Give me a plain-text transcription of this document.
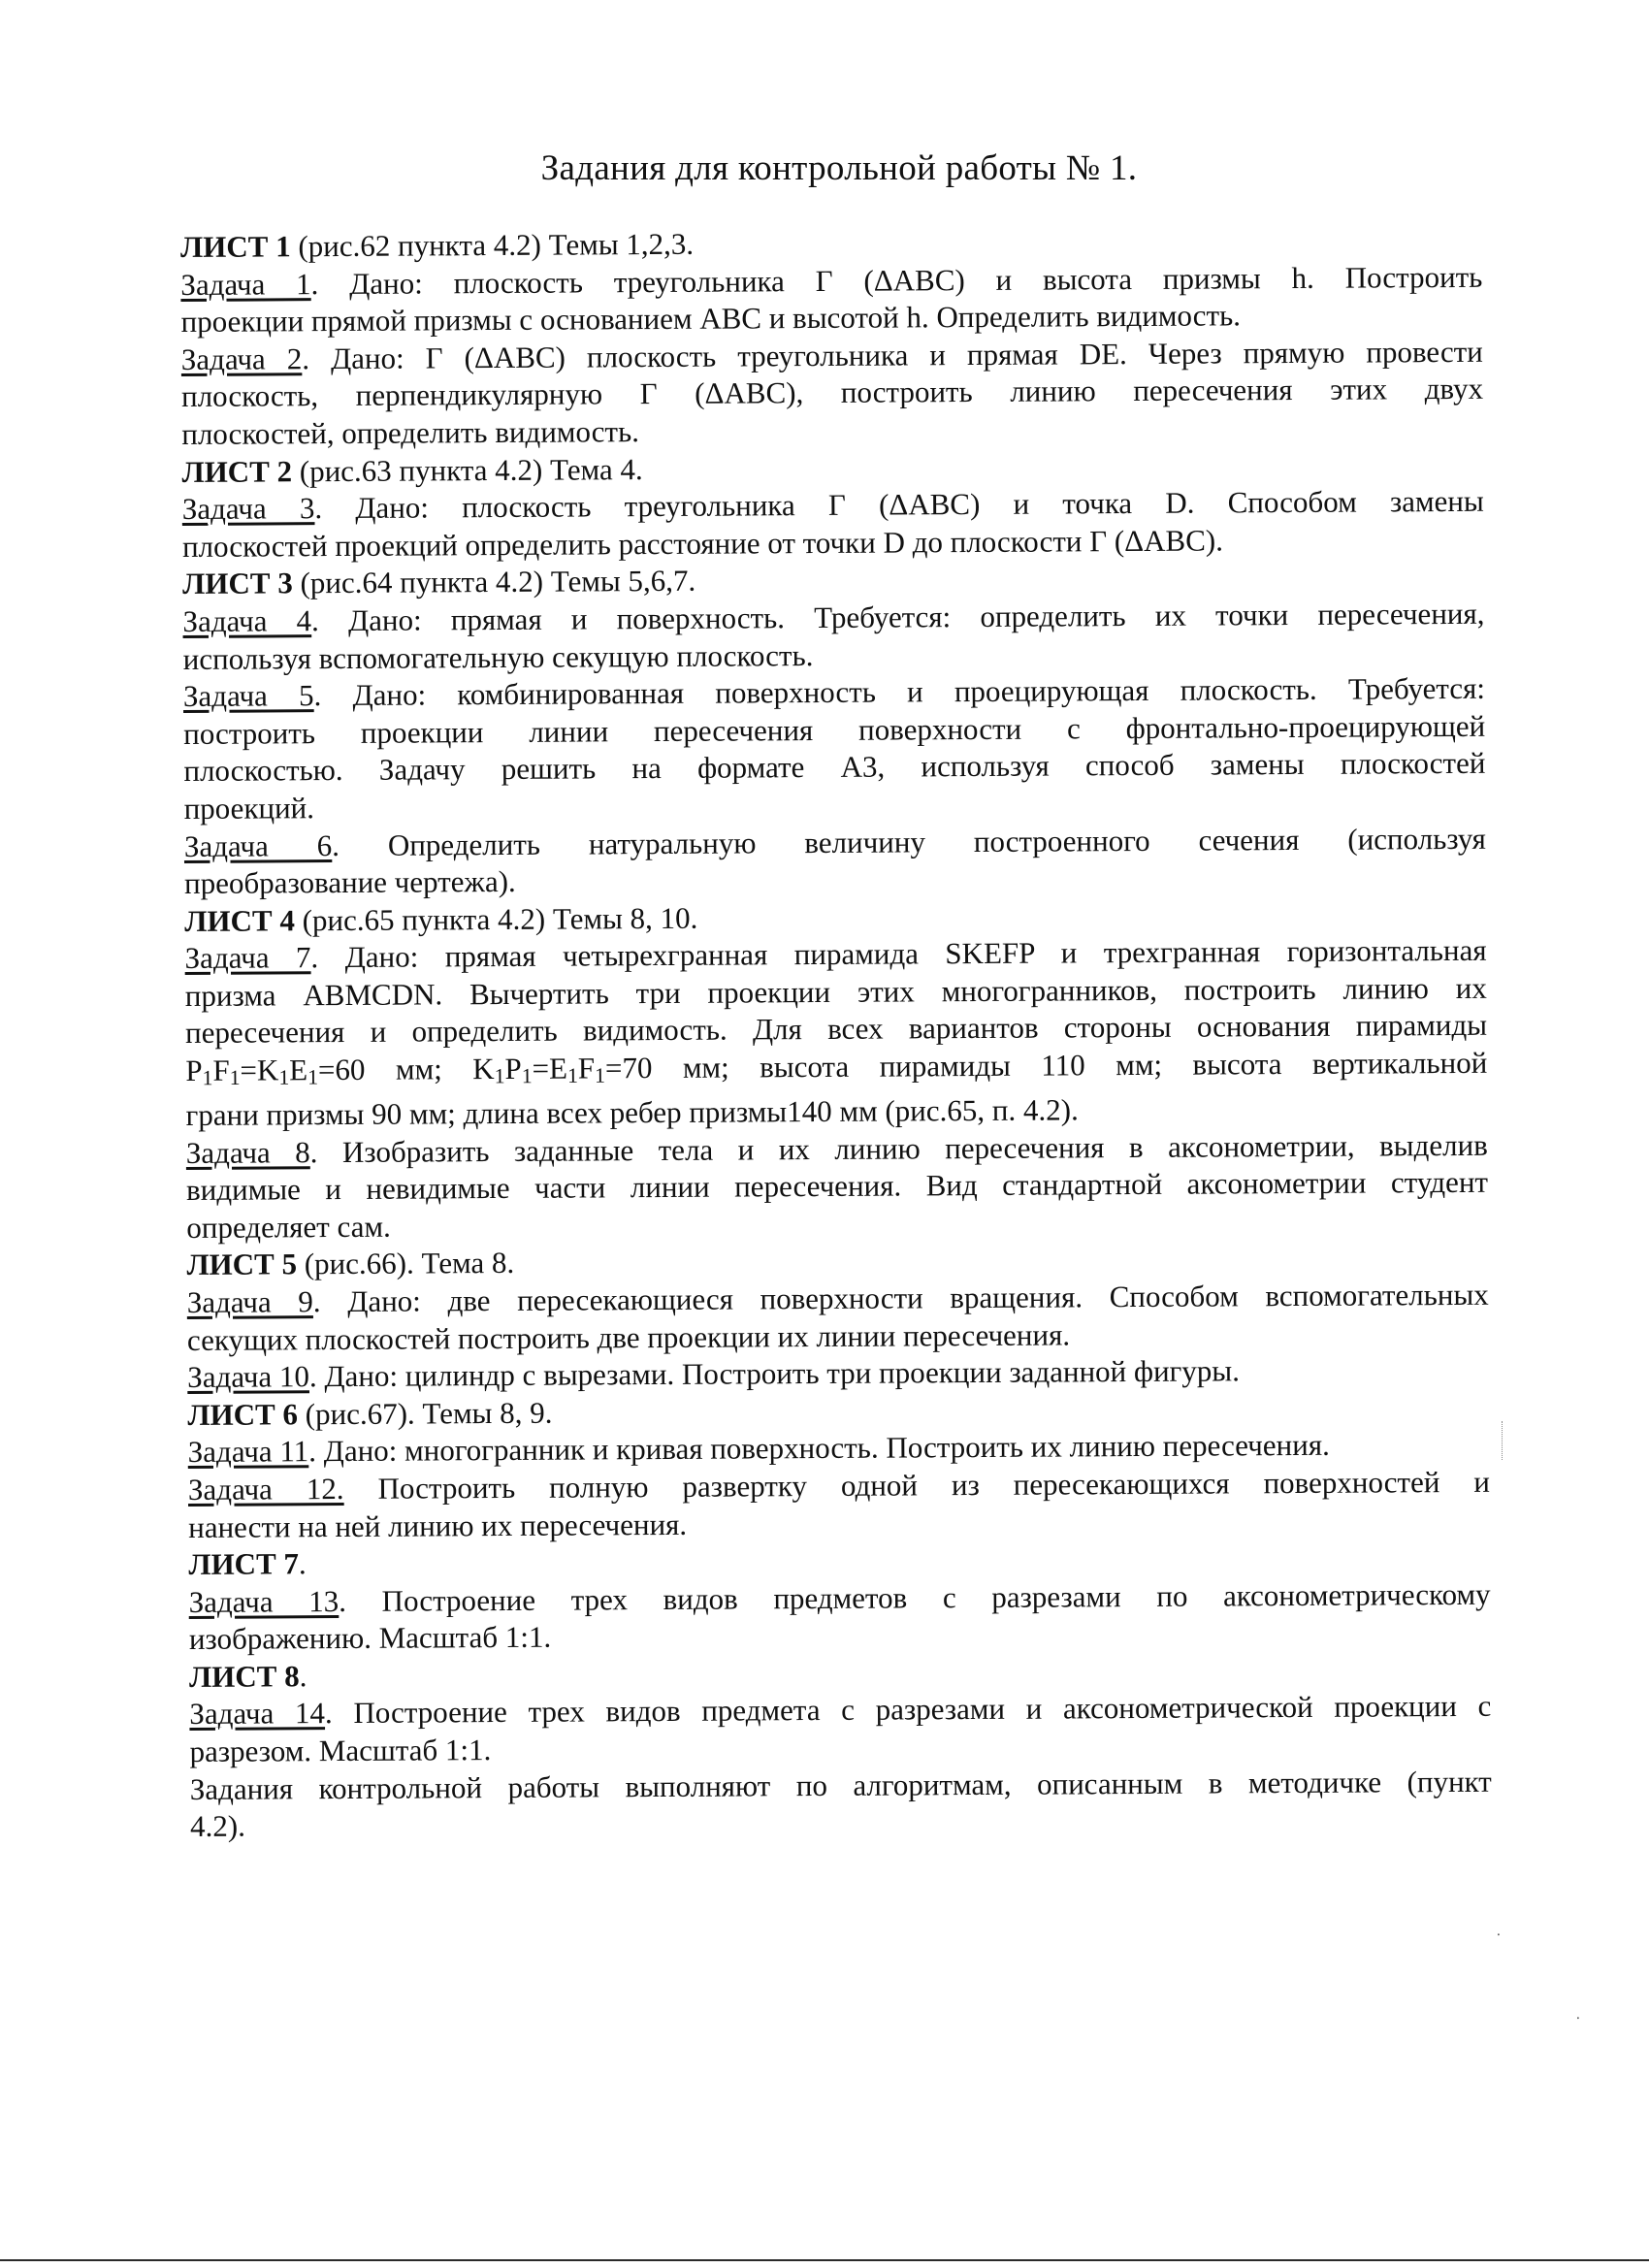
Задания для контрольной работы № 1.
ЛИСТ 1 (рис.62 пункта 4.2) Темы 1,2,3.
Задача 1. Дано: плоскость треугольника Г (ΔАВС) и высота призмы h. Построить
проекции прямой призмы с основанием АВС и высотой h. Определить видимость.
Задача 2. Дано: Г (ΔАВС) плоскость треугольника и прямая DE. Через прямую провести
плоскость, перпендикулярную Г (ΔАВС), построить линию пересечения этих двух
плоскостей, определить видимость.
ЛИСТ 2 (рис.63 пункта 4.2) Тема 4.
Задача 3. Дано: плоскость треугольника Г (ΔАВС) и точка D. Способом замены
плоскостей проекций определить расстояние от точки D до плоскости Г (ΔАВС).
ЛИСТ 3 (рис.64 пункта 4.2) Темы 5,6,7.
Задача 4. Дано: прямая и поверхность. Требуется: определить их точки пересечения,
используя вспомогательную секущую плоскость.
Задача 5. Дано: комбинированная поверхность и проецирующая плоскость. Требуется:
построить проекции линии пересечения поверхности с фронтально-проецирующей
плоскостью. Задачу решить на формате А3, используя способ замены плоскостей
проекций.
Задача 6. Определить натуральную величину построенного сечения (используя
преобразование чертежа).
ЛИСТ 4 (рис.65 пункта 4.2) Темы 8, 10.
Задача 7. Дано: прямая четырехгранная пирамида SKEFP и трехгранная горизонтальная
призма ABMCDN. Вычертить три проекции этих многогранников, построить линию их
пересечения и определить видимость. Для всех вариантов стороны основания пирамиды
$P_1F_1=K_1E_1=60$ мм; $K_1P_1=E_1F_1=70$ мм; высота пирамиды 110 мм; высота вертикальной
грани призмы 90 мм; длина всех ребер призмы140 мм (рис.65, п. 4.2).
Задача 8. Изобразить заданные тела и их линию пересечения в аксонометрии, выделив
видимые и невидимые части линии пересечения. Вид стандартной аксонометрии студент
определяет сам.
ЛИСТ 5 (рис.66). Тема 8.
Задача 9. Дано: две пересекающиеся поверхности вращения. Способом вспомогательных
секущих плоскостей построить две проекции их линии пересечения.
Задача 10. Дано: цилиндр с вырезами. Построить три проекции заданной фигуры.
ЛИСТ 6 (рис.67). Темы 8, 9.
Задача 11. Дано: многогранник и кривая поверхность. Построить их линию пересечения.
Задача 12. Построить полную развертку одной из пересекающихся поверхностей и
нанести на ней линию их пересечения.
ЛИСТ 7.
Задача 13. Построение трех видов предметов с разрезами по аксонометрическому
изображению. Масштаб 1:1.
ЛИСТ 8.
Задача 14. Построение трех видов предмета с разрезами и аксонометрической проекции с
разрезом. Масштаб 1:1.
Задания контрольной работы выполняют по алгоритмам, описанным в методичке (пункт
4.2).
⸱
⸱
